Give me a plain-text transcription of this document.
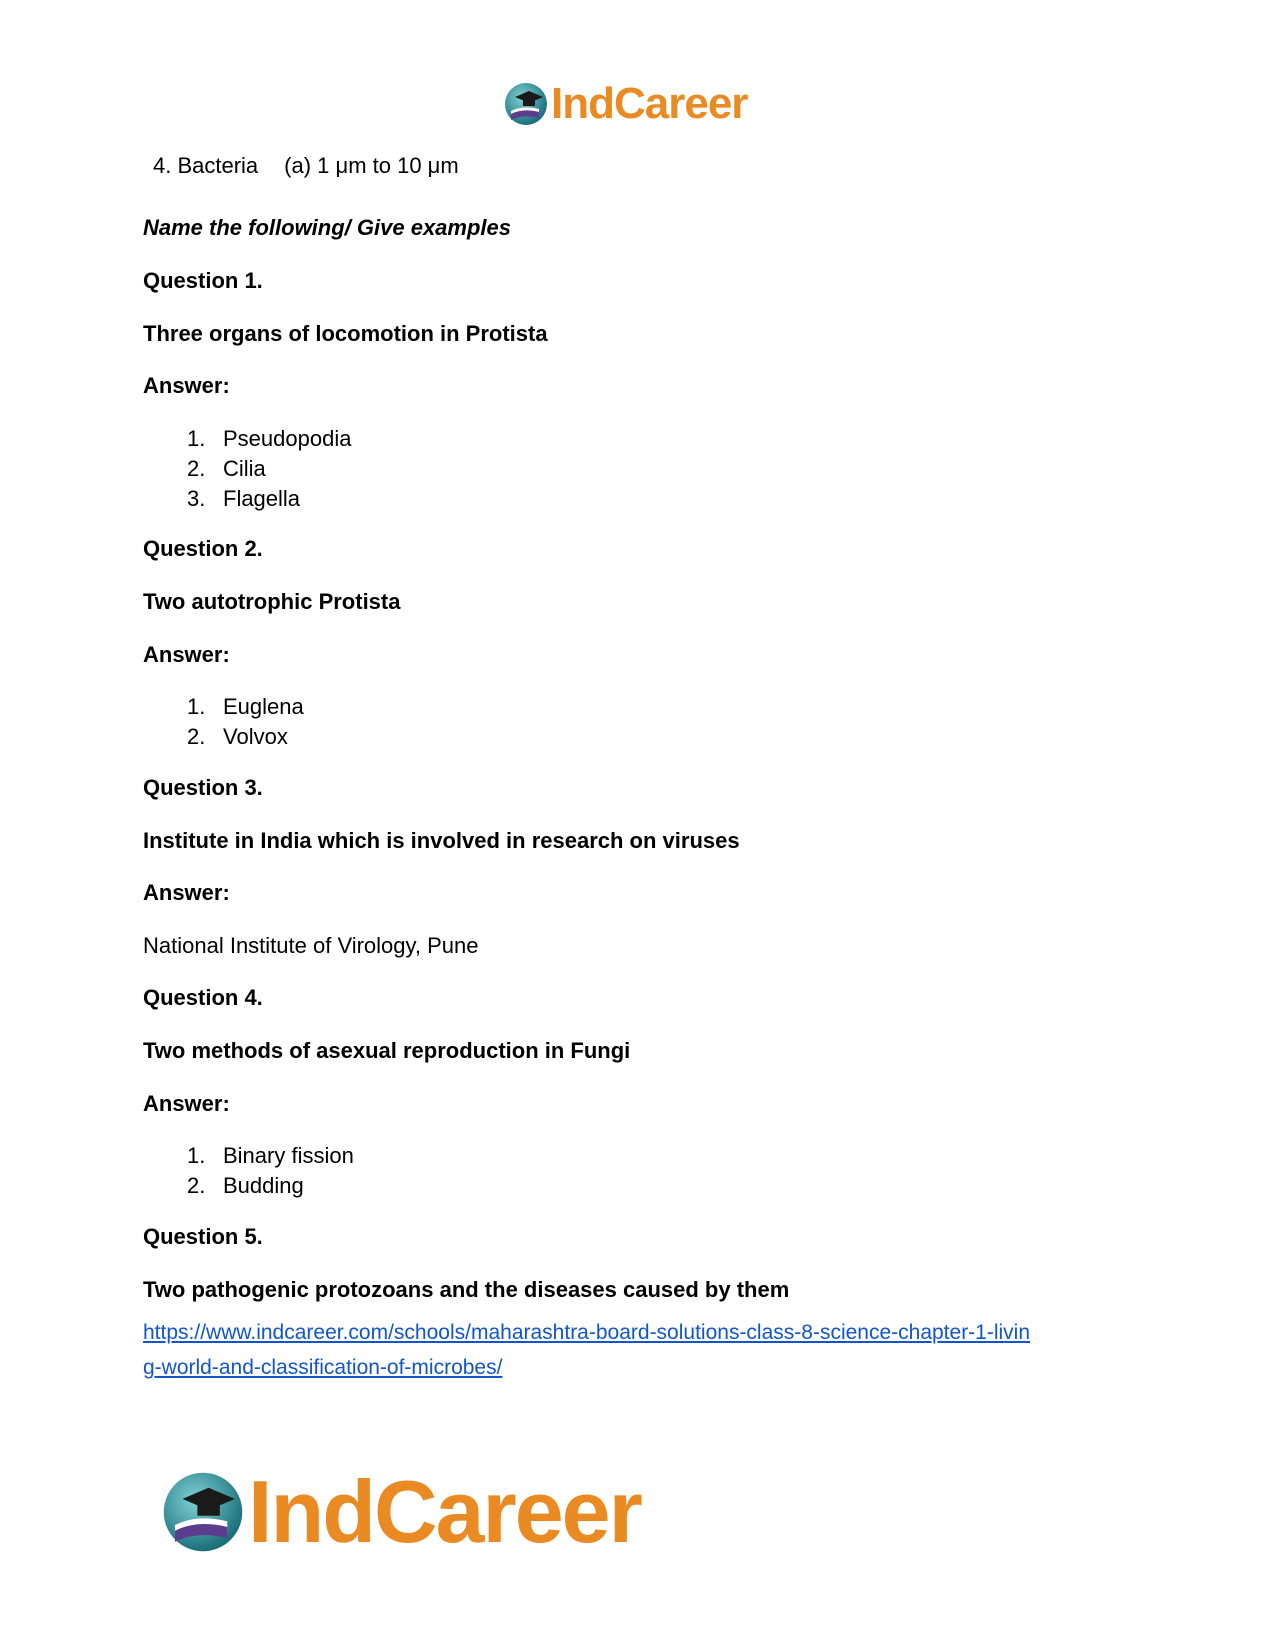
IndCareer

4. Bacteria (a) 1 μm to 10 μm

Name the following/ Give examples

Question 1.

Three organs of locomotion in Protista

Answer:

1. Pseudopodia
2. Cilia
3. Flagella

Question 2.

Two autotrophic Protista

Answer:

1. Euglena
2. Volvox

Question 3.

Institute in India which is involved in research on viruses

Answer:

National Institute of Virology, Pune

Question 4.

Two methods of asexual reproduction in Fungi

Answer:

1. Binary fission
2. Budding

Question 5.

Two pathogenic protozoans and the diseases caused by them

https://www.indcareer.com/schools/maharashtra-board-solutions-class-8-science-chapter-1-livin
g-world-and-classification-of-microbes/
IndCareer
